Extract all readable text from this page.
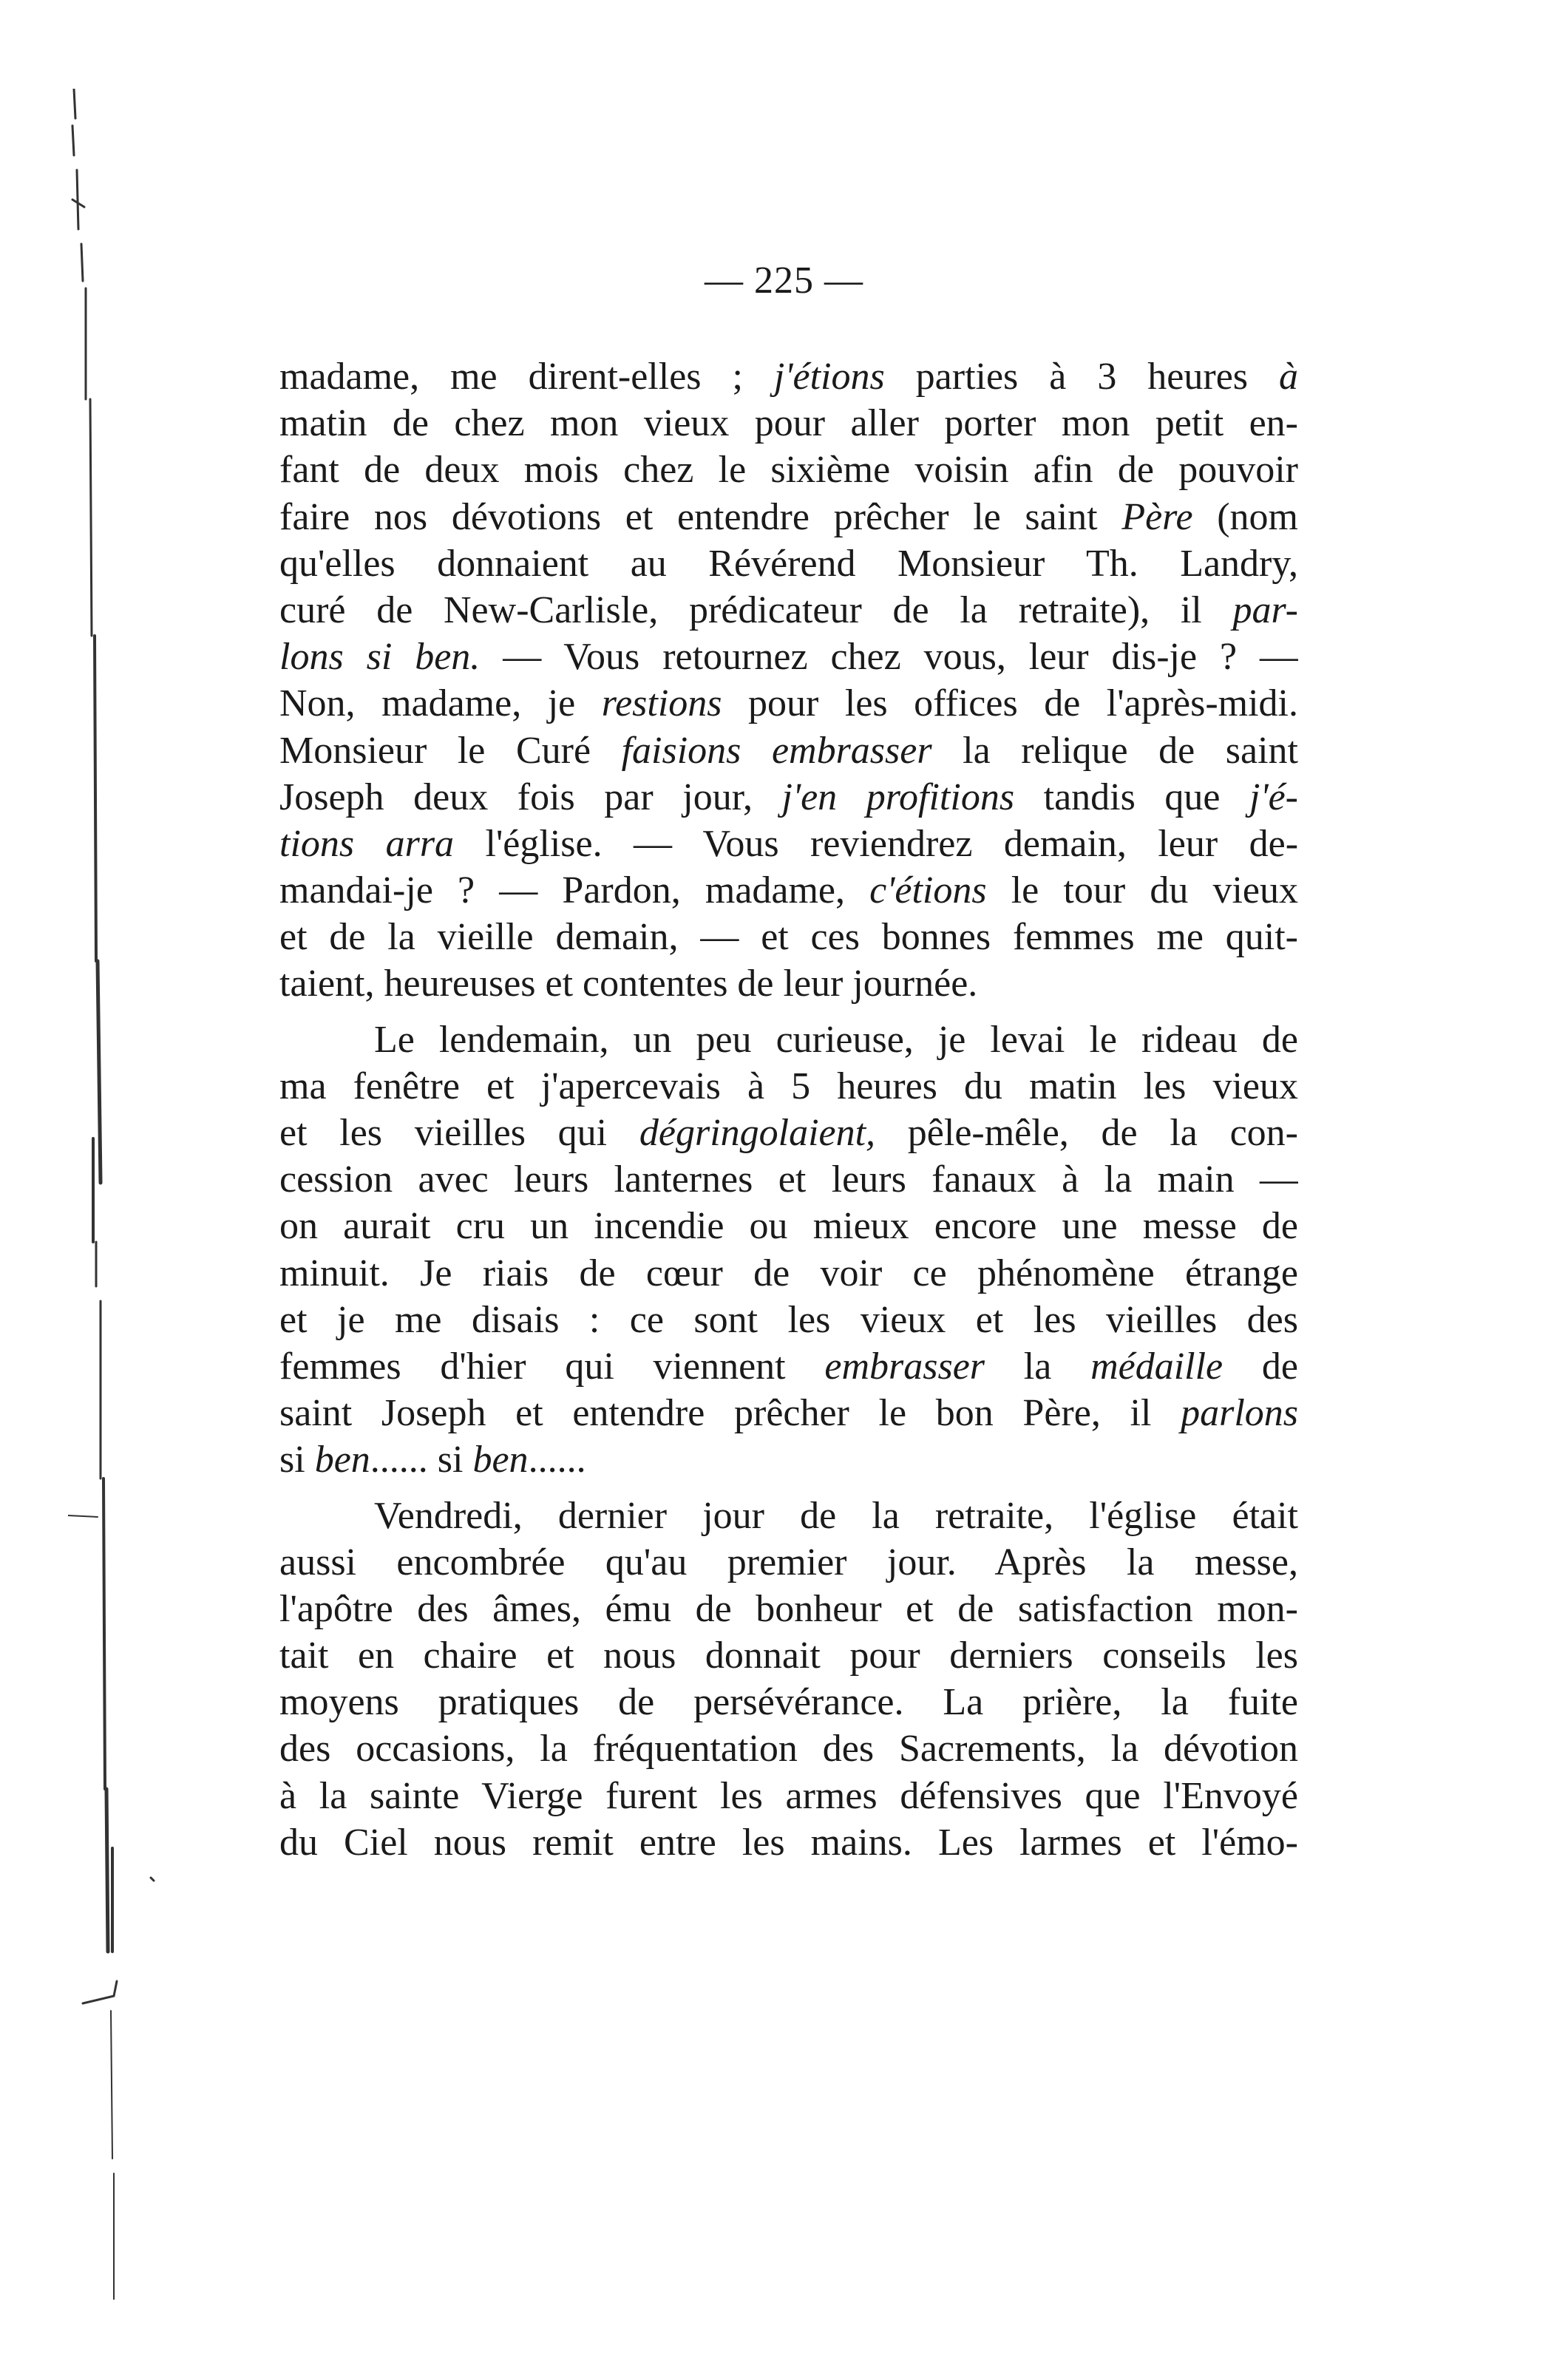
— 225 —
madame, me dirent-elles ; j'étions parties à 3 heures à
matin de chez mon vieux pour aller porter mon petit en-
fant de deux mois chez le sixième voisin afin de pouvoir
faire nos dévotions et entendre prêcher le saint Père (nom
qu'elles donnaient au Révérend Monsieur Th. Landry,
curé de New-Carlisle, prédicateur de la retraite), il par-
lons si ben. — Vous retournez chez vous, leur dis-je ? —
Non, madame, je restions pour les offices de l'après-midi.
Monsieur le Curé faisions embrasser la relique de saint
Joseph deux fois par jour, j'en profitions tandis que j'é-
tions arra l'église. — Vous reviendrez demain, leur de-
mandai-je ? — Pardon, madame, c'étions le tour du vieux
et de la vieille demain, — et ces bonnes femmes me quit-
taient, heureuses et contentes de leur journée.
Le lendemain, un peu curieuse, je levai le rideau de
ma fenêtre et j'apercevais à 5 heures du matin les vieux
et les vieilles qui dégringolaient, pêle-mêle, de la con-
cession avec leurs lanternes et leurs fanaux à la main —
on aurait cru un incendie ou mieux encore une messe de
minuit. Je riais de cœur de voir ce phénomène étrange
et je me disais : ce sont les vieux et les vieilles des
femmes d'hier qui viennent embrasser la médaille de
saint Joseph et entendre prêcher le bon Père, il parlons
si ben...... si ben......
Vendredi, dernier jour de la retraite, l'église était
aussi encombrée qu'au premier jour. Après la messe,
l'apôtre des âmes, ému de bonheur et de satisfaction mon-
tait en chaire et nous donnait pour derniers conseils les
moyens pratiques de persévérance. La prière, la fuite
des occasions, la fréquentation des Sacrements, la dévotion
à la sainte Vierge furent les armes défensives que l'Envoyé
du Ciel nous remit entre les mains. Les larmes et l'émo-
